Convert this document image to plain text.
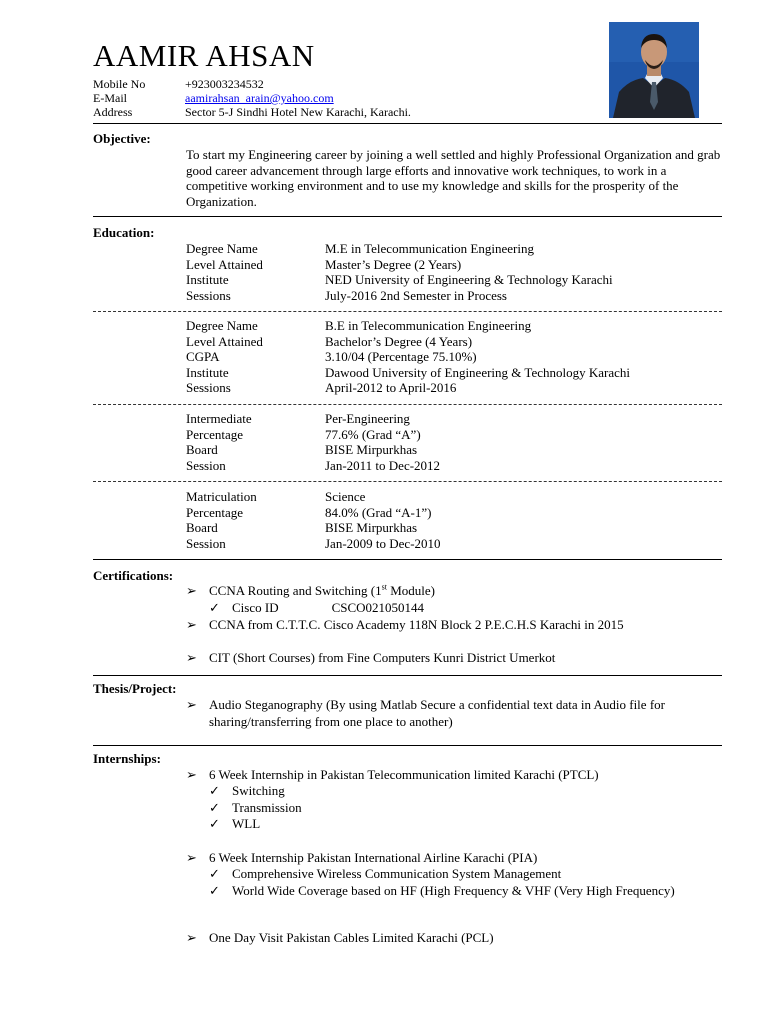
AAMIR AHSAN
Mobile No	+923003234532
E-Mail	aamirahsan_arain@yahoo.com
Address	Sector 5-J Sindhi Hotel New Karachi, Karachi.
Objective:
To start my Engineering career by joining a well settled and highly Professional Organization and grab good career advancement through large efforts and innovative work techniques, to work in a competitive working environment and to use my knowledge and skills for the prosperity of the Organization.
Education:
Degree Name	M.E in Telecommunication Engineering
Level Attained	Master’s Degree (2 Years)
Institute	NED University of Engineering & Technology Karachi
Sessions	July-2016 2nd Semester in Process
Degree Name	B.E in Telecommunication Engineering
Level Attained	Bachelor’s Degree (4 Years)
CGPA	3.10/04 (Percentage 75.10%)
Institute	Dawood University of Engineering & Technology Karachi
Sessions	April-2012 to April-2016
Intermediate	Per-Engineering
Percentage	77.6% (Grad “A”)
Board	BISE Mirpurkhas
Session	Jan-2011 to Dec-2012
Matriculation	Science
Percentage	84.0% (Grad “A-1”)
Board	BISE Mirpurkhas
Session	Jan-2009 to Dec-2010
Certifications:
➢ CCNA Routing and Switching (1st Module)
✓ Cisco ID	CSCO021050144
➢ CCNA from C.T.T.C. Cisco Academy 118N Block 2 P.E.C.H.S Karachi in 2015
➢ CIT (Short Courses) from Fine Computers Kunri District Umerkot
Thesis/Project:
➢ Audio Steganography (By using Matlab Secure a confidential text data in Audio file for sharing/transferring from one place to another)
Internships:
➢ 6 Week Internship in Pakistan Telecommunication limited Karachi (PTCL)
✓ Switching
✓ Transmission
✓ WLL
➢ 6 Week Internship Pakistan International Airline Karachi (PIA)
✓ Comprehensive Wireless Communication System Management
✓ World Wide Coverage based on HF (High Frequency & VHF (Very High Frequency)
➢ One Day Visit Pakistan Cables Limited Karachi (PCL)
